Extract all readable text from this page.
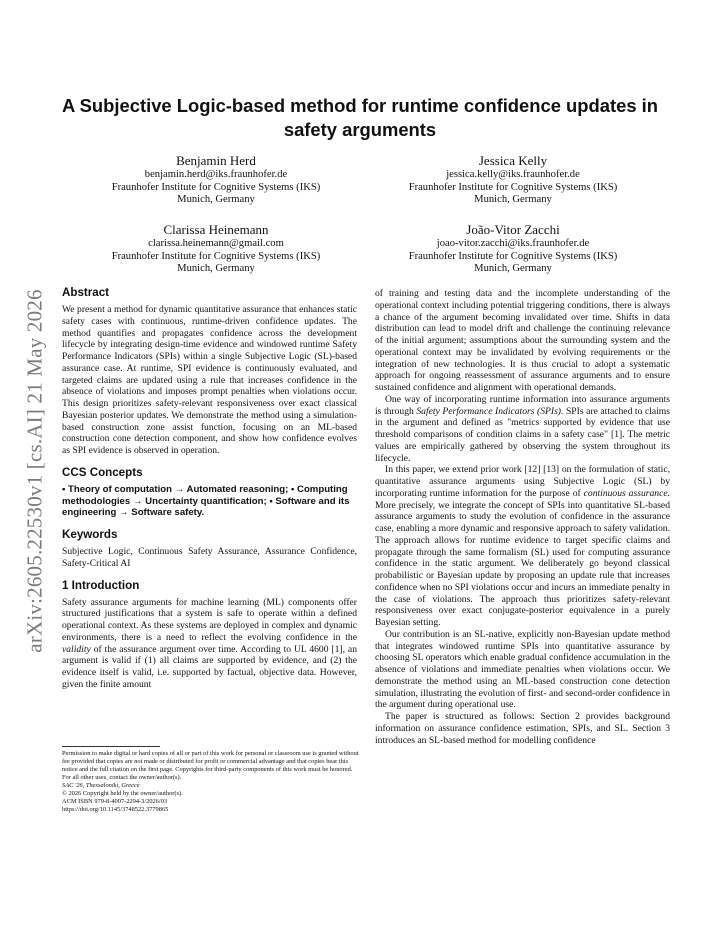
arXiv:2605.22530v1 [cs.AI] 21 May 2026
A Subjective Logic-based method for runtime confidence updates in safety arguments
Benjamin Herd
benjamin.herd@iks.fraunhofer.de
Fraunhofer Institute for Cognitive Systems (IKS)
Munich, Germany
Jessica Kelly
jessica.kelly@iks.fraunhofer.de
Fraunhofer Institute for Cognitive Systems (IKS)
Munich, Germany
Clarissa Heinemann
clarissa.heinemann@gmail.com
Fraunhofer Institute for Cognitive Systems (IKS)
Munich, Germany
João-Vitor Zacchi
joao-vitor.zacchi@iks.fraunhofer.de
Fraunhofer Institute for Cognitive Systems (IKS)
Munich, Germany
Abstract

We present a method for dynamic quantitative assurance that enhances static safety cases with continuous, runtime-driven confidence updates. The method quantifies and propagates confidence across the development lifecycle by integrating design-time evidence and windowed runtime Safety Performance Indicators (SPIs) within a single Subjective Logic (SL)-based assurance case. At runtime, SPI evidence is continuously evaluated, and targeted claims are updated using a rule that increases confidence in the absence of violations and imposes prompt penalties when violations occur. This design prioritizes safety-relevant responsiveness over exact classical Bayesian posterior updates. We demonstrate the method using a simulation-based construction zone assist function, focusing on an ML-based construction cone detection component, and show how confidence evolves as SPI evidence is observed in operation.

CCS Concepts

• Theory of computation → Automated reasoning; • Computing methodologies → Uncertainty quantification; • Software and its engineering → Software safety.

Keywords

Subjective Logic, Continuous Safety Assurance, Assurance Confidence, Safety-Critical AI

1 Introduction

Safety assurance arguments for machine learning (ML) components offer structured justifications that a system is safe to operate within a defined operational context. As these systems are deployed in complex and dynamic environments, there is a need to reflect the evolving confidence in the validity of the assurance argument over time. According to UL 4600 [1], an argument is valid if (1) all claims are supported by evidence, and (2) the evidence itself is valid, i.e. supported by factual, objective data. However, given the finite amount

Permission to make digital or hard copies of all or part of this work for personal or classroom use is granted without fee provided that copies are not made or distributed for profit or commercial advantage and that copies bear this notice and the full citation on the first page. Copyrights for third-party components of this work must be honored. For all other uses, contact the owner/author(s).

SAC '26, Thessaloniki, Greece

© 2026 Copyright held by the owner/author(s).

ACM ISBN 979-8-4007-2294-3/2026/03

https://doi.org/10.1145/3748522.3779865

of training and testing data and the incomplete understanding of the operational context including potential triggering conditions, there is always a chance of the argument becoming invalidated over time. Shifts in data distribution can lead to model drift and challenge the continuing relevance of the initial argument; assumptions about the surrounding system and the operational context may be invalidated by evolving requirements or the integration of new technologies. It is thus crucial to adopt a systematic approach for ongoing reassessment of assurance arguments and to ensure sustained confidence and alignment with operational demands.

One way of incorporating runtime information into assurance arguments is through Safety Performance Indicators (SPIs). SPIs are attached to claims in the argument and defined as "metrics supported by evidence that use threshold comparisons of condition claims in a safety case" [1]. The metric values are empirically gathered by observing the system throughout its lifecycle.

In this paper, we extend prior work [12] [13] on the formulation of static, quantitative assurance arguments using Subjective Logic (SL) by incorporating runtime information for the purpose of continuous assurance. More precisely, we integrate the concept of SPIs into quantitative SL-based assurance arguments to study the evolution of confidence in the assurance case, enabling a more dynamic and responsive approach to safety validation. The approach allows for runtime evidence to target specific claims and propagate through the same formalism (SL) used for computing assurance confidence in the static argument. We deliberately go beyond classical probabilistic or Bayesian update by proposing an update rule that increases confidence when no SPI violations occur and incurs an immediate penalty in the case of violations. The approach thus prioritizes safety-relevant responsiveness over exact conjugate-posterior equivalence in a purely Bayesian setting.

Our contribution is an SL-native, explicitly non-Bayesian update method that integrates windowed runtime SPIs into quantitative assurance by choosing SL operators which enable gradual confidence accumulation in the absence of violations and immediate penalties when violations occur. We demonstrate the method using an ML-based construction cone detection simulation, illustrating the evolution of first- and second-order confidence in the argument during operational use.

The paper is structured as follows: Section 2 provides background information on assurance confidence estimation, SPIs, and SL. Section 3 introduces an SL-based method for modelling confidence
